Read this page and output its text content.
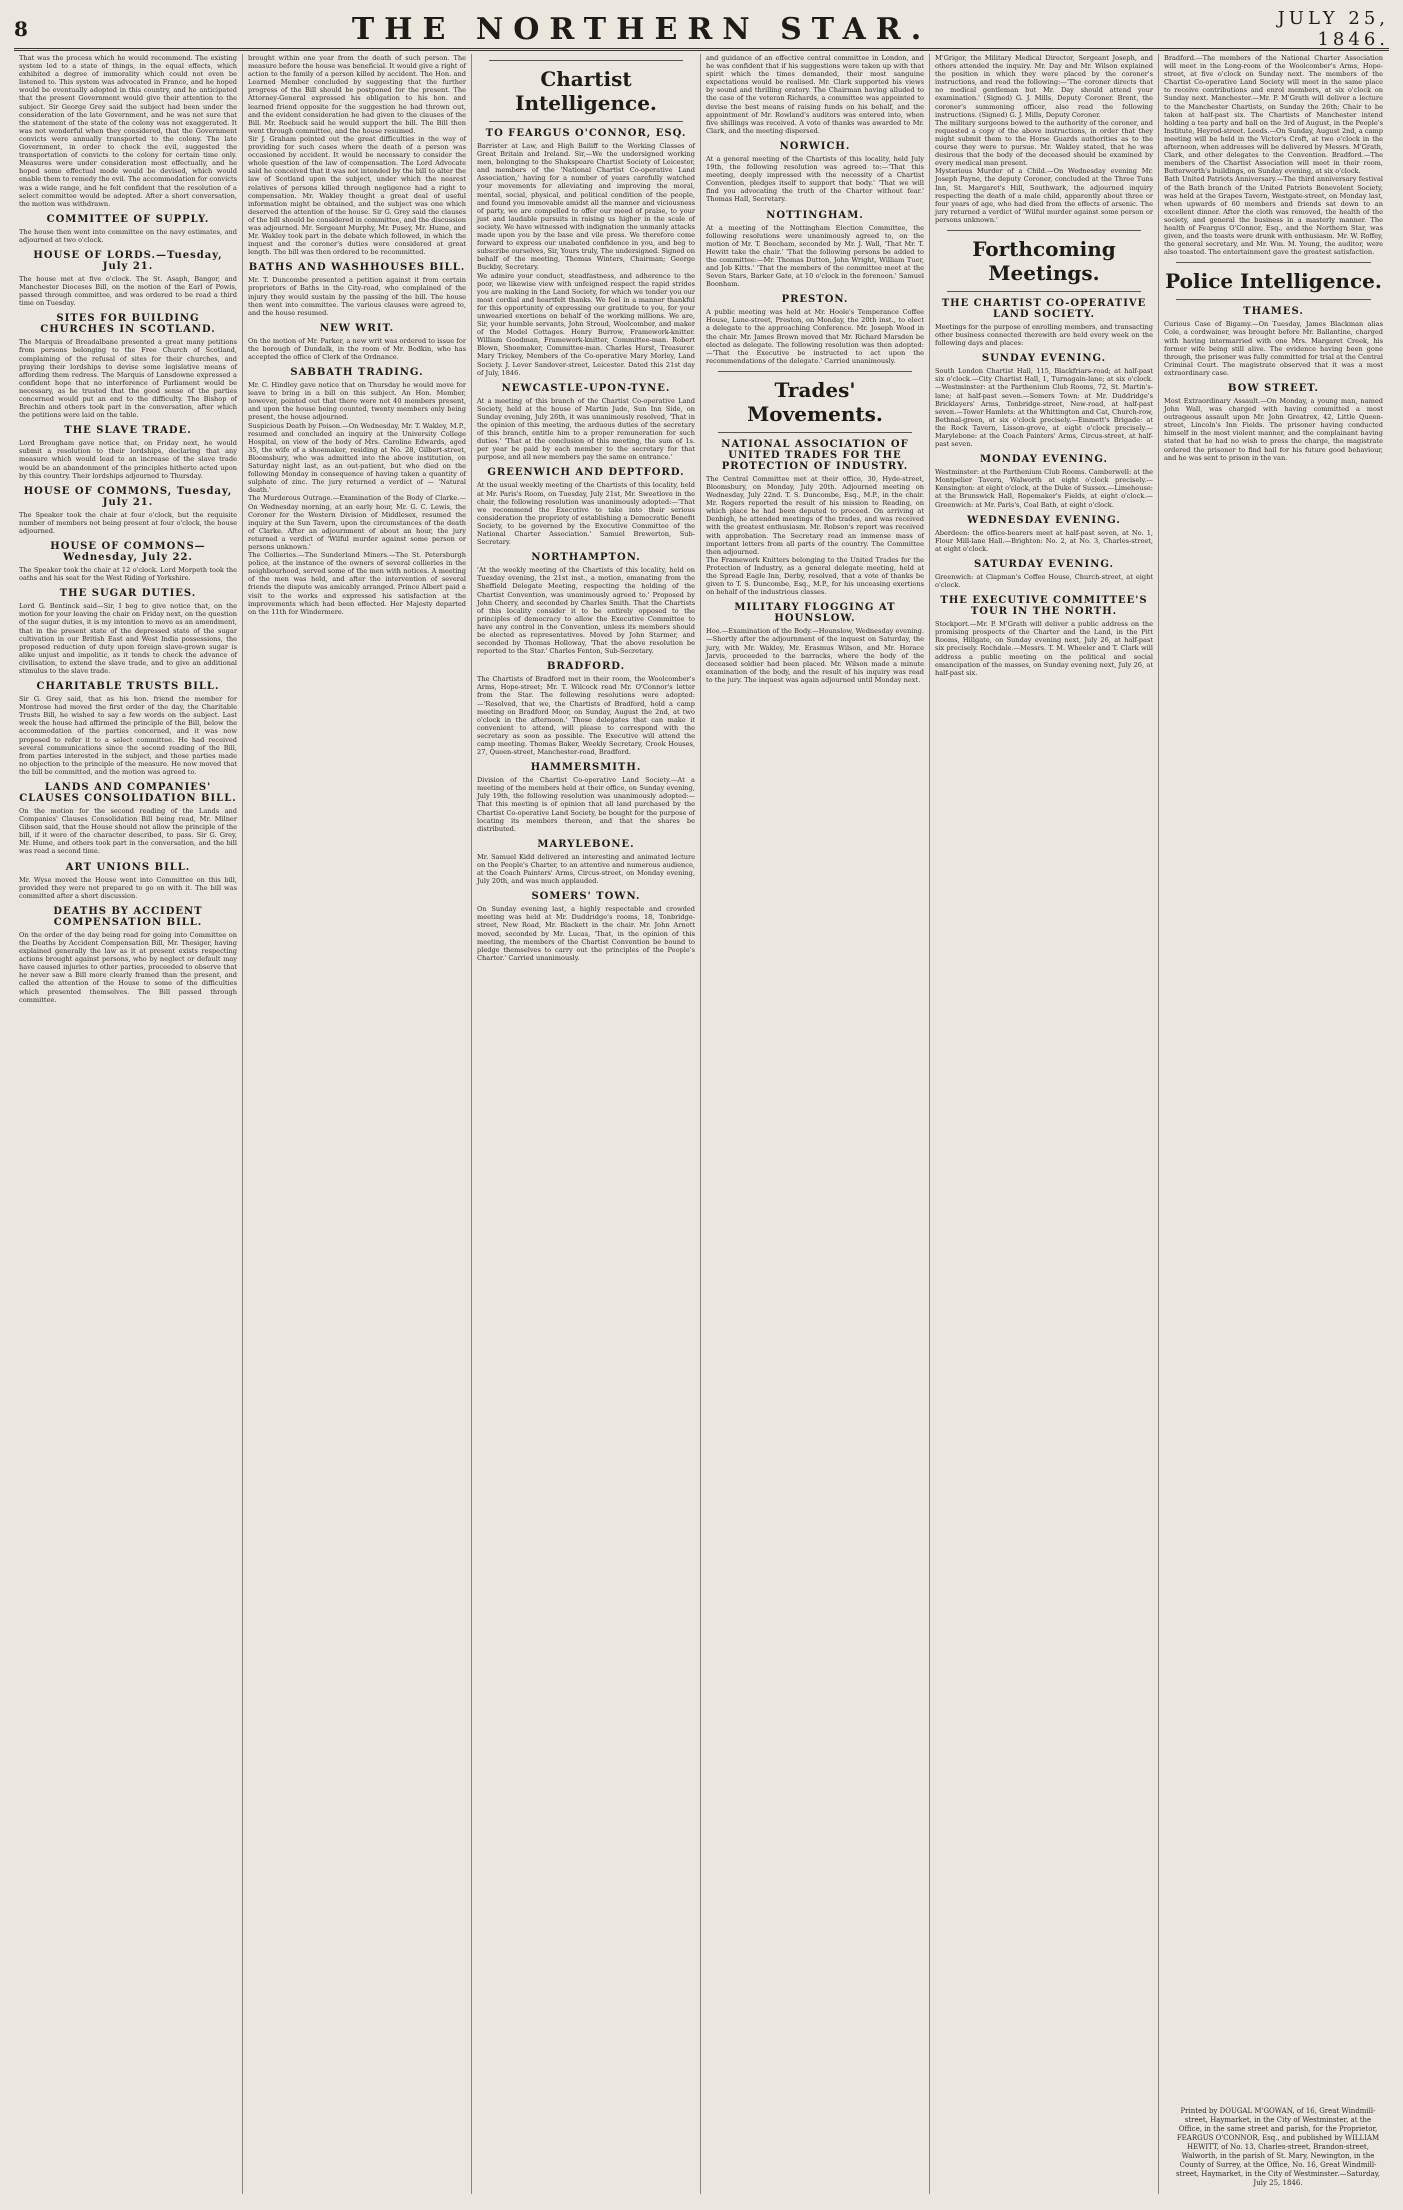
8	THE NORTHERN STAR.	JULY 25, 1846.
That was the process which he would recommend. The existing system led to a state of things, in the equal effects, which exhibited a degree of immorality which could not even be listened to. This system was advocated in France, and he hoped would be eventually adopted in this country, and he anticipated that the present Government would give their attention to the subject. Sir George Grey said the subject had been under the consideration of the late Government, and he was not sure that the statement of the state of the colony was not exaggerated. It was not wonderful when they considered, that the Government convicts were annually transported to the colony. The late Government, in order to check the evil, suggested the transportation of convicts to the colony for certain time only. Measures were under consideration most effectually, and he hoped some effectual mode would be devised, which would enable them to remedy the evil. The accommodation for convicts was a wide range, and he felt confident that the resolution of a select committee would be adopted. After a short conversation, the motion was withdrawn.
COMMITTEE OF SUPPLY.
The house then went into committee on the navy estimates, and adjourned at two o'clock.
HOUSE OF LORDS.—Tuesday, July 21.
The house met at five o'clock. The St. Asaph, Bangor, and Manchester Dioceses Bill, on the motion of the Earl of Powis, passed through committee, and was ordered to be read a third time on Tuesday.
SITES FOR BUILDING CHURCHES IN SCOTLAND.
The Marquis of Breadalbane presented a great many petitions from persons belonging to the Free Church of Scotland, complaining of the refusal of sites for their churches, and praying their lordships to devise some legislative means of affording them redress. The Marquis of Lansdowne expressed a confident hope that no interference of Parliament would be necessary, as he trusted that the good sense of the parties concerned would put an end to the difficulty. The Bishop of Brechin and others took part in the conversation, after which the petitions were laid on the table.
THE SLAVE TRADE.
Lord Brougham gave notice that, on Friday next, he would submit a resolution to their lordships, declaring that any measure which would lead to an increase of the slave trade would be an abandonment of the principles hitherto acted upon by this country. Their lordships adjourned to Thursday.
HOUSE OF COMMONS, Tuesday, July 21.
The Speaker took the chair at four o'clock, but the requisite number of members not being present at four o'clock, the house adjourned.
HOUSE OF COMMONS—Wednesday, July 22.
The Speaker took the chair at 12 o'clock. Lord Morpeth took the oaths and his seat for the West Riding of Yorkshire.
THE SUGAR DUTIES.
Lord G. Bentinck said—Sir, I beg to give notice that, on the motion for your leaving the chair on Friday next, on the question of the sugar duties, it is my intention to move as an amendment, that in the present state of the depressed state of the sugar cultivation in our British East and West India possessions, the proposed reduction of duty upon foreign slave-grown sugar is alike unjust and impolitic, as it tends to check the advance of civilisation, to extend the slave trade, and to give an additional stimulus to the slave trade.
CHARITABLE TRUSTS BILL.
Sir G. Grey said, that as his hon. friend the member for Montrose had moved the first order of the day, the Charitable Trusts Bill, he wished to say a few words on the subject. Last week the house had affirmed the principle of the Bill, below the accommodation of the parties concerned, and it was now proposed to refer it to a select committee. He had received several communications since the second reading of the Bill, from parties interested in the subject, and those parties made no objection to the principle of the measure. He now moved that the bill be committed, and the motion was agreed to.
LANDS AND COMPANIES' CLAUSES CONSOLIDATION BILL.
On the motion for the second reading of the Lands and Companies' Clauses Consolidation Bill being read, Mr. Milner Gibson said, that the House should not allow the principle of the bill, if it were of the character described, to pass. Sir G. Grey, Mr. Hume, and others took part in the conversation, and the bill was read a second time.
ART UNIONS BILL.
Mr. Wyse moved the House went into Committee on this bill, provided they were not prepared to go on with it. The bill was committed after a short discussion.
DEATHS BY ACCIDENT COMPENSATION BILL.
On the order of the day being read for going into Committee on the Deaths by Accident Compensation Bill, Mr. Thesiger, having explained generally the law as it at present exists respecting actions brought against persons, who by neglect or default may have caused injuries to other parties, proceeded to observe that he never saw a Bill more clearly framed than the present, and called the attention of the House to some of the difficulties which presented themselves. The Bill passed through committee.
brought within one year from the death of such person. The measure before the house was beneficial. It would give a right of action to the family of a person killed by accident. The Hon. and Learned Member concluded by suggesting that the further progress of the Bill should be postponed for the present. The Attorney-General expressed his obligation to his hon. and learned friend opposite for the suggestion he had thrown out, and the evident consideration he had given to the clauses of the Bill. Mr. Roebuck said he would support the bill. The Bill then went through committee, and the house resumed.
Sir J. Graham pointed out the great difficulties in the way of providing for such cases where the death of a person was occasioned by accident. It would be necessary to consider the whole question of the law of compensation. The Lord Advocate said he conceived that it was not intended by the bill to alter the law of Scotland upon the subject, under which the nearest relatives of persons killed through negligence had a right to compensation. Mr. Wakley thought a great deal of useful information might be obtained, and the subject was one which deserved the attention of the house. Sir G. Grey said the clauses of the bill should be considered in committee, and the discussion was adjourned. Mr. Sergeant Murphy, Mr. Pusey, Mr. Hume, and Mr. Wakley took part in the debate which followed, in which the inquest and the coroner's duties were considered at great length. The bill was then ordered to be recommitted.
BATHS AND WASHHOUSES BILL.
Mr. T. Duncombe presented a petition against it from certain proprietors of Baths in the City-road, who complained of the injury they would sustain by the passing of the bill. The house then went into committee. The various clauses were agreed to, and the house resumed.
NEW WRIT.
On the motion of Mr. Parker, a new writ was ordered to issue for the borough of Dundalk, in the room of Mr. Bodkin, who has accepted the office of Clerk of the Ordnance.
SABBATH TRADING.
Mr. C. Hindley gave notice that on Thursday he would move for leave to bring in a bill on this subject. An Hon. Member, however, pointed out that there were not 40 members present, and upon the house being counted, twenty members only being present, the house adjourned.
Suspicious Death by Poison.—On Wednesday, Mr. T. Wakley, M.P., resumed and concluded an inquiry at the University College Hospital, on view of the body of Mrs. Caroline Edwards, aged 35, the wife of a shoemaker, residing at No. 28, Gilbert-street, Bloomsbury, who was admitted into the above institution, on Saturday night last, as an out-patient, but who died on the following Monday in consequence of having taken a quantity of sulphate of zinc. The jury returned a verdict of — 'Natural death.'
The Murderous Outrage.—Examination of the Body of Clarke.—On Wednesday morning, at an early hour, Mr. G. C. Lewis, the Coroner for the Western Division of Middlesex, resumed the inquiry at the Sun Tavern, upon the circumstances of the death of Clarke. After an adjournment of about an hour, the jury returned a verdict of 'Wilful murder against some person or persons unknown.'
The Collieries.—The Sunderland Miners.—The St. Petersburgh police, at the instance of the owners of several collieries in the neighbourhood, served some of the men with notices. A meeting of the men was held, and after the intervention of several friends the dispute was amicably arranged. Prince Albert paid a visit to the works and expressed his satisfaction at the improvements which had been effected. Her Majesty departed on the 11th for Windermere.
Chartist Intelligence.
TO FEARGUS O'CONNOR, ESQ.
Barrister at Law, and High Bailiff to the Working Classes of Great Britain and Ireland. Sir,—We the undersigned working men, belonging to the Shakspeare Chartist Society of Leicester, and members of the 'National Chartist Co-operative Land Association,' having for a number of years carefully watched your movements for alleviating and improving the moral, mental, social, physical, and political condition of the people, and found you immovable amidst all the manner and viciousness of party, we are compelled to offer our meed of praise, to your just and laudable pursuits in raising us higher in the scale of society. We have witnessed with indignation the unmanly attacks made upon you by the base and vile press. We therefore come forward to express our unabated confidence in you, and beg to subscribe ourselves, Sir, Yours truly, The undersigned. Signed on behalf of the meeting, Thomas Winters, Chairman; George Buckby, Secretary.
We admire your conduct, steadfastness, and adherence to the poor, we likewise view with unfeigned respect the rapid strides you are making in the Land Society, for which we tender you our most cordial and heartfelt thanks. We feel in a manner thankful for this opportunity of expressing our gratitude to you, for your unwearied exertions on behalf of the working millions. We are, Sir, your humble servants, John Stroud, Woolcomber, and maker of the Model Cottages. Henry Burrow, Framework-knitter. William Goodman, Framework-knitter, Committee-man. Robert Blown, Shoemaker, Committee-man. Charles Hurst, Treasurer. Mary Trickey, Members of the Co-operative Mary Morley, Land Society. J. Lever Sandover-street, Leicester. Dated this 21st day of July, 1846.
NEWCASTLE-UPON-TYNE.
At a meeting of this branch of the Chartist Co-operative Land Society, held at the house of Martin Jude, Sun Inn Side, on Sunday evening, July 26th, it was unanimously resolved, 'That in the opinion of this meeting, the arduous duties of the secretary of this branch, entitle him to a proper remuneration for such duties.' 'That at the conclusion of this meeting, the sum of 1s. per year be paid by each member to the secretary for that purpose, and all new members pay the same on entrance.'
GREENWICH AND DEPTFORD.
At the usual weekly meeting of the Chartists of this locality, held at Mr. Paris's Room, on Tuesday, July 21st, Mr. Sweetlove in the chair, the following resolution was unanimously adopted:—'That we recommend the Executive to take into their serious consideration the propriety of establishing a Democratic Benefit Society, to be governed by the Executive Committee of the National Charter Association.' Samuel Brewerton, Sub-Secretary.
NORTHAMPTON.
'At the weekly meeting of the Chartists of this locality, held on Tuesday evening, the 21st inst., a motion, emanating from the Sheffield Delegate Meeting, respecting the holding of the Chartist Convention, was unanimously agreed to.' Proposed by John Cherry, and seconded by Charles Smith. That the Chartists of this locality consider it to be entirely opposed to the principles of democracy to allow the Executive Committee to have any control in the Convention, unless its members should be elected as representatives. Moved by John Starmer, and seconded by Thomas Holloway, 'That the above resolution be reported to the Star.' Charles Fenton, Sub-Secretary.
BRADFORD.
The Chartists of Bradford met in their room, the Woolcomber's Arms, Hope-street; Mr. T. Wilcock read Mr. O'Connor's letter from the Star. The following resolutions were adopted:—'Resolved, that we, the Chartists of Bradford, hold a camp meeting on Bradford Moor, on Sunday, August the 2nd, at two o'clock in the afternoon.' Those delegates that can make it convenient to attend, will please to correspond with the secretary as soon as possible. The Executive will attend the camp meeting. Thomas Baker, Weekly Secretary, Crook Houses, 27, Queen-street, Manchester-road, Bradford.
HAMMERSMITH.
Division of the Chartist Co-operative Land Society.—At a meeting of the members held at their office, on Sunday evening, July 19th, the following resolution was unanimously adopted:—That this meeting is of opinion that all land purchased by the Chartist Co-operative Land Society, be bought for the purpose of locating its members thereon, and that the shares be distributed.
MARYLEBONE.
Mr. Samuel Kidd delivered an interesting and animated lecture on the People's Charter, to an attentive and numerous audience, at the Coach Painters' Arms, Circus-street, on Monday evening, July 20th, and was much applauded.
SOMERS' TOWN.
On Sunday evening last, a highly respectable and crowded meeting was held at Mr. Duddridge's rooms, 18, Tonbridge-street, New Road, Mr. Blackett in the chair. Mr. John Arnott moved, seconded by Mr. Lucas, 'That, in the opinion of this meeting, the members of the Chartist Convention be bound to pledge themselves to carry out the principles of the People's Charter.' Carried unanimously.
and guidance of an effective central committee in London, and he was confident that if his suggestions were taken up with that spirit which the times demanded, their most sanguine expectations would be realised. Mr. Clark supported his views by sound and thrilling oratory. The Chairman having alluded to the case of the veteran Richards, a committee was appointed to devise the best means of raising funds on his behalf, and the appointment of Mr. Rowland's auditors was entered into, when five shillings was received. A vote of thanks was awarded to Mr. Clark, and the meeting dispersed.
NORWICH.
At a general meeting of the Chartists of this locality, held July 19th, the following resolution was agreed to:—'That this meeting, deeply impressed with the necessity of a Chartist Convention, pledges itself to support that body.' 'That we will find you advocating the truth of the Charter without fear.' Thomas Hall, Secretary.
NOTTINGHAM.
At a meeting of the Nottingham Election Committee, the following resolutions were unanimously agreed to, on the motion of Mr. T. Beecham, seconded by Mr. J. Wall, 'That Mr. T. Hewitt take the chair.' 'That the following persons be added to the committee:—Mr. Thomas Dutton, John Wright, William Tuer, and Job Kitts.' 'That the members of the committee meet at the Seven Stars, Barker Gate, at 10 o'clock in the forenoon.' Samuel Boonham.
PRESTON.
A public meeting was held at Mr. Hoole's Temperance Coffee House, Lune-street, Preston, on Monday, the 20th inst., to elect a delegate to the approaching Conference. Mr. Joseph Wood in the chair. Mr. James Brown moved that Mr. Richard Marsden be elected as delegate. The following resolution was then adopted:—'That the Executive be instructed to act upon the recommendations of the delegate.' Carried unanimously.
Trades' Movements.
NATIONAL ASSOCIATION OF UNITED TRADES FOR THE PROTECTION OF INDUSTRY.
The Central Committee met at their office, 30, Hyde-street, Bloomsbury, on Monday, July 20th. Adjourned meeting on Wednesday, July 22nd. T. S. Duncombe, Esq., M.P., in the chair. Mr. Rogers reported the result of his mission to Reading, on which place he had been deputed to proceed. On arriving at Denbigh, he attended meetings of the trades, and was received with the greatest enthusiasm. Mr. Robson's report was received with approbation. The Secretary read an immense mass of important letters from all parts of the country. The Committee then adjourned.
The Framework Knitters belonging to the United Trades for the Protection of Industry, as a general delegate meeting, held at the Spread Eagle Inn, Derby, resolved, that a vote of thanks be given to T. S. Duncombe, Esq., M.P., for his unceasing exertions on behalf of the industrious classes.
MILITARY FLOGGING AT HOUNSLOW.
Hoe.—Examination of the Body.—Hounslow, Wednesday evening.—Shortly after the adjournment of the inquest on Saturday, the jury, with Mr. Wakley, Mr. Erasmus Wilson, and Mr. Horace Jarvis, proceeded to the barracks, where the body of the deceased soldier had been placed. Mr. Wilson made a minute examination of the body, and the result of his inquiry was read to the jury. The inquest was again adjourned until Monday next.
M'Grigor, the Military Medical Director, Sergeant Joseph, and others attended the inquiry. Mr. Day and Mr. Wilson explained the position in which they were placed by the coroner's instructions, and read the following:—'The coroner directs that no medical gentleman but Mr. Day should attend your examination.' (Signed) G. J. Mills, Deputy Coroner. Brent, the coroner's summoning officer, also read the following instructions. (Signed) G. J. Mills, Deputy Coroner.
The military surgeons bowed to the authority of the coroner, and requested a copy of the above instructions, in order that they might submit them to the Horse Guards authorities as to the course they were to pursue. Mr. Wakley stated, that he was desirous that the body of the deceased should be examined by every medical man present.
Mysterious Murder of a Child.—On Wednesday evening Mr. Joseph Payne, the deputy Coroner, concluded at the Three Tuns Inn, St. Margaret's Hill, Southwark, the adjourned inquiry respecting the death of a male child, apparently about three or four years of age, who had died from the effects of arsenic. The jury returned a verdict of 'Wilful murder against some person or persons unknown.'
Forthcoming Meetings.
THE CHARTIST CO-OPERATIVE LAND SOCIETY.
Meetings for the purpose of enrolling members, and transacting other business connected therewith are held every week on the following days and places:
SUNDAY EVENING.
South London Chartist Hall, 115, Blackfriars-road; at half-past six o'clock.—City Chartist Hall, 1, Turnagain-lane; at six o'clock.—Westminster: at the Parthenium Club Rooms, 72, St. Martin's-lane; at half-past seven.—Somers Town: at Mr. Duddridge's Bricklayers' Arms, Tonbridge-street, New-road, at half-past seven.—Tower Hamlets: at the Whittington and Cat, Church-row, Bethnal-green, at six o'clock precisely.—Emmett's Brigade: at the Rock Tavern, Lisson-grove, at eight o'clock precisely.—Marylebone: at the Coach Painters' Arms, Circus-street, at half-past seven.
MONDAY EVENING.
Westminster: at the Parthenium Club Rooms. Camberwell: at the Montpelier Tavern, Walworth at eight o'clock precisely.—Kensington: at eight o'clock, at the Duke of Sussex.—Limehouse: at the Brunswick Hall, Ropemaker's Fields, at eight o'clock.—Greenwich: at Mr. Paris's, Coal Bath, at eight o'clock.
WEDNESDAY EVENING.
Aberdeen: the office-bearers meet at half-past seven, at No. 1, Flour Mill-lane Hall.—Brighton: No. 2, at No. 3, Charles-street, at eight o'clock.
SATURDAY EVENING.
Greenwich: at Clapman's Coffee House, Church-street, at eight o'clock.
THE EXECUTIVE COMMITTEE'S TOUR IN THE NORTH.
Stockport.—Mr. P. M'Grath will deliver a public address on the promising prospects of the Charter and the Land, in the Pitt Rooms, Hillgate, on Sunday evening next, July 26, at half-past six precisely. Rochdale.—Messrs. T. M. Wheeler and T. Clark will address a public meeting on the political and social emancipation of the masses, on Sunday evening next, July 26, at half-past six.
Bradford.—The members of the National Charter Association will meet in the Long-room of the Woolcomber's Arms, Hope-street, at five o'clock on Sunday next. The members of the Chartist Co-operative Land Society will meet in the same place to receive contributions and enrol members, at six o'clock on Sunday next. Manchester.—Mr. P. M'Grath will deliver a lecture to the Manchester Chartists, on Sunday the 26th; Chair to be taken at half-past six. The Chartists of Manchester intend holding a tea party and ball on the 3rd of August, in the People's Institute, Heyrod-street. Leeds.—On Sunday, August 2nd, a camp meeting will be held in the Victor's Croft, at two o'clock in the afternoon, when addresses will be delivered by Messrs. M'Grath, Clark, and other delegates to the Convention. Bradford.—The members of the Chartist Association will meet in their room, Butterworth's buildings, on Sunday evening, at six o'clock.
Bath United Patriots Anniversary.—The third anniversary festival of the Bath branch of the United Patriots Benevolent Society, was held at the Grapes Tavern, Westgate-street, on Monday last, when upwards of 60 members and friends sat down to an excellent dinner. After the cloth was removed, the health of the society, and general the business in a masterly manner. The health of Feargus O'Connor, Esq., and the Northern Star, was given, and the toasts were drunk with enthusiasm. Mr. W. Roffey, the general secretary, and Mr. Wm. M. Young, the auditor, were also toasted. The entertainment gave the greatest satisfaction.
Police Intelligence.
THAMES.
Curious Case of Bigamy.—On Tuesday, James Blackman alias Cole, a cordwainer, was brought before Mr. Ballantine, charged with having intermarried with one Mrs. Margaret Creek, his former wife being still alive. The evidence having been gone through, the prisoner was fully committed for trial at the Central Criminal Court. The magistrate observed that it was a most extraordinary case.
BOW STREET.
Most Extraordinary Assault.—On Monday, a young man, named John Wall, was charged with having committed a most outrageous assault upon Mr. John Greatrex, 42, Little Queen-street, Lincoln's Inn Fields. The prisoner having conducted himself in the most violent manner, and the complainant having stated that he had no wish to press the charge, the magistrate ordered the prisoner to find bail for his future good behaviour, and he was sent to prison in the van.
Printed by DOUGAL M'GOWAN, of 16, Great Windmill-street, Haymarket, in the City of Westminster, at the Office, in the same street and parish, for the Proprietor, FEARGUS O'CONNOR, Esq., and published by WILLIAM HEWITT, of No. 13, Charles-street, Brandon-street, Walworth, in the parish of St. Mary, Newington, in the County of Surrey, at the Office, No. 16, Great Windmill-street, Haymarket, in the City of Westminster.—Saturday, July 25, 1846.
